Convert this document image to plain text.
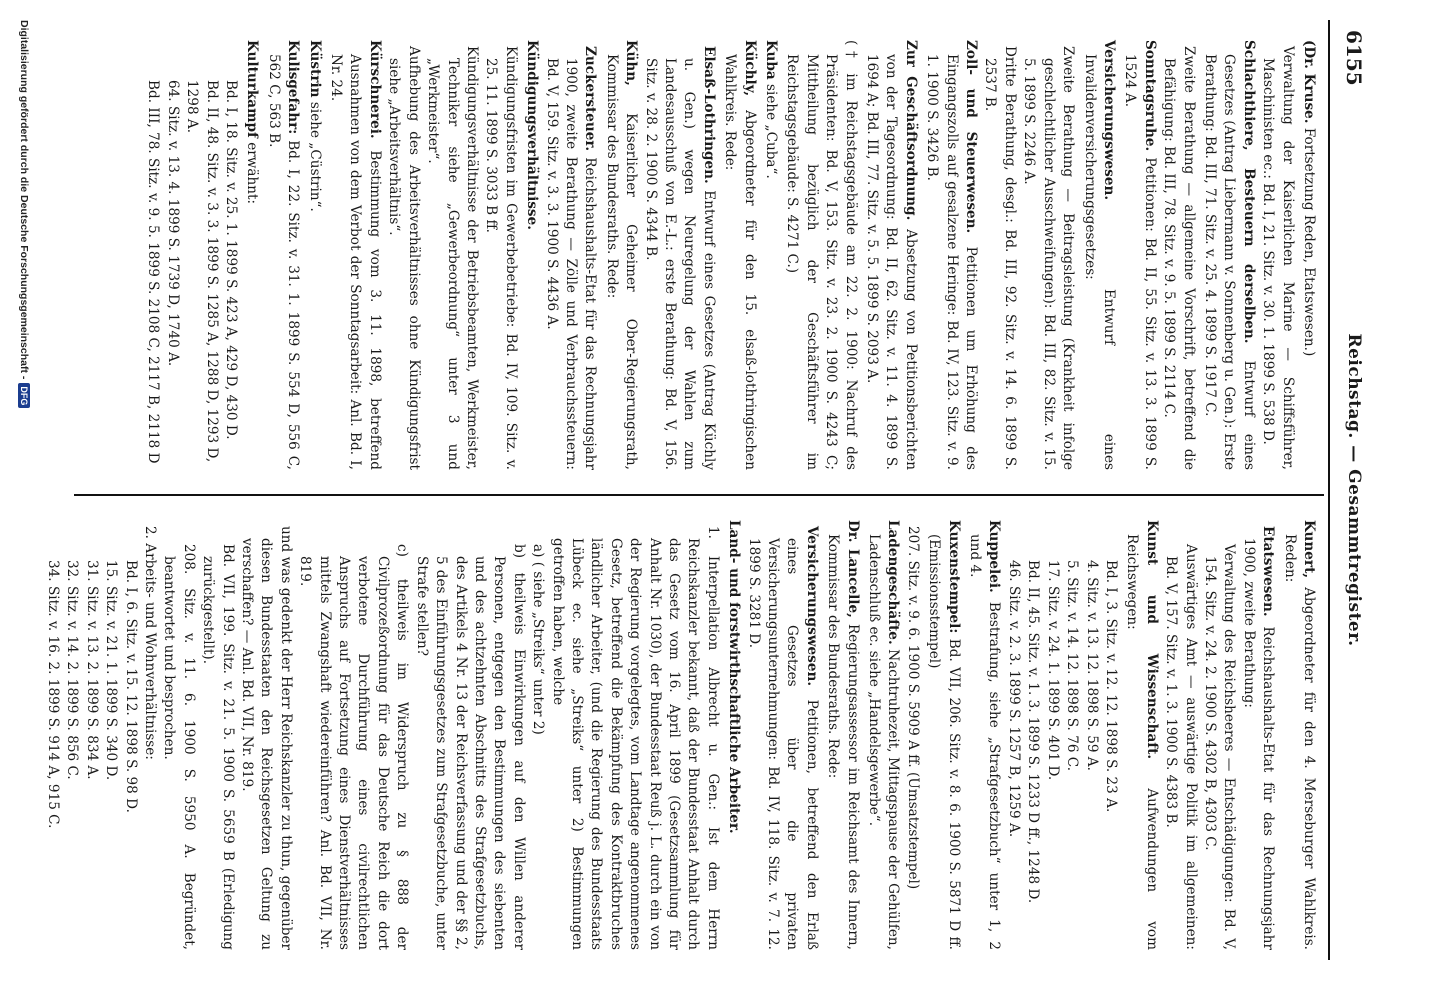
6155
Reichstag. — Gesammtregister.

(Dr. Kruse. Fortsetzung Reden, Etatswesen.)

Verwaltung der Kaiserlichen Marine — Schiffsführer, Maschinisten ec.: Bd. I, 21. Sitz. v. 30. 1. 1899 S. 538 D.

Schlachthiere, Besteuern derselben. Entwurf eines Gesetzes (Antrag Liebermann v. Sonnenberg u. Gen.): Erste Berathung: Bd. III, 71. Sitz. v. 25. 4. 1899 S. 1917 C.

Zweite Berathung — allgemeine Vorschrift, betreffend die Befähigung: Bd. III, 78. Sitz. v. 9. 5. 1899 S. 2114 C.

Sonntagsruhe. Petitionen: Bd. II, 55. Sitz. v. 13. 3. 1899 S. 1524 A.

Versicherungswesen. Entwurf eines Invalidenversicherungsgesetzes:

Zweite Berathung — Beitragsleistung (Krankheit infolge geschlechtlicher Ausschweifungen): Bd. III, 82. Sitz. v. 15. 5. 1899 S. 2246 A.

Dritte Berathung, desgl.: Bd. III, 92. Sitz. v. 14. 6. 1899 S. 2537 B.

Zoll- und Steuerwesen. Petitionen um Erhöhung des Eingangszolls auf gesalzene Heringe: Bd. IV, 123. Sitz. v. 9. 1. 1900 S. 3426 B.

Zur Geschäftsordnung. Absetzung von Petitionsberichten von der Tagesordnung: Bd. II, 62. Sitz. v. 11. 4. 1899 S. 1694 A; Bd. III, 77. Sitz. v. 5. 5. 1899 S. 2093 A.

(† im Reichstagsgebäude am 22. 2. 1900: Nachruf des Präsidenten: Bd. V, 153. Sitz. v. 23. 2. 1900 S. 4243 C; Mittheilung bezüglich der Geschäftsführer im Reichstagsgebäude: S. 4271 C.)

Kuba siehe „Cuba“.

Küchly, Abgeordneter für den 15. elsaß-lothringischen Wahlkreis. Rede:

Elsaß-Lothringen. Entwurf eines Gesetzes (Antrag Küchly u. Gen.) wegen Neuregelung der Wahlen zum Landesausschuß von E.-L.: erste Berathung: Bd. V, 156. Sitz. v. 28. 2. 1900 S. 4344 B.

Kühn, Kaiserlicher Geheimer Ober-Regierungsrath, Kommissar des Bundesraths. Rede:

Zuckersteuer. Reichshaushalts-Etat für das Rechnungsjahr 1900, zweite Berathung — Zölle und Verbrauchssteuern: Bd. V, 159. Sitz. v. 3. 3. 1900 S. 4436 A.

Kündigungsverhältnisse.

Kündigungsfristen im Gewerbebetriebe: Bd. IV, 109. Sitz. v. 25. 11. 1899 S. 3033 B ff.

Kündigungsverhältnisse der Betriebsbeamten, Werkmeister, Techniker siehe „Gewerbeordnung“ unter 3 und „Werkmeister“.

Aufhebung des Arbeitsverhältnisses ohne Kündigungsfrist siehe „Arbeitsverhältnis“.

Kürschnerei. Bestimmung vom 3. 11. 1898, betreffend Ausnahmen von dem Verbot der Sonntagsarbeit: Anl. Bd. I, Nr. 24.

Küstrin siehe „Cüstrin“.

Kulisgefahr: Bd. I, 22. Sitz. v. 31. 1. 1899 S. 554 D, 556 C, 562 C, 563 B.

Kulturkampf erwähnt:

Bd. I, 18. Sitz. v. 25. 1. 1899 S. 423 A, 429 D, 430 D.
Bd. II, 48. Sitz. v. 3. 3. 1899 S. 1285 A, 1288 D, 1293 D, 1298 A.
64. Sitz. v. 13. 4. 1899 S. 1739 D, 1740 A.
Bd. III, 78. Sitz. v. 9. 5. 1899 S. 2108 C, 2117 B, 2118 D

Kunert, Abgeordneter für den 4. Merseburger Wahlkreis. Reden:

Etatswesen. Reichshaushalts-Etat für das Rechnungsjahr 1900, zweite Berathung:

Verwaltung des Reichsheeres — Entschädigungen: Bd. V, 154. Sitz. v. 24. 2. 1900 S. 4302 B, 4303 C.

Auswärtiges Amt — auswärtige Politik im allgemeinen: Bd. V, 157. Sitz. v. 1. 3. 1900 S. 4383 B.

Kunst und Wissenschaft. Aufwendungen vom Reichswegen:

Bd. I, 3. Sitz. v. 12. 12. 1898 S. 23 A.
4. Sitz. v. 13. 12. 1898 S. 59 A.
5. Sitz. v. 14. 12. 1898 S. 76 C.
17. Sitz. v. 24. 1. 1899 S. 401 D.
Bd. II, 45. Sitz. v. 1. 3. 1899 S. 1233 D ff., 1248 D.
46. Sitz. v. 2. 3. 1899 S. 1257 B, 1259 A.

Kuppelei. Bestrafung, siehe „Strafgesetzbuch“ unter 1, 2 und 4.

Kuxenstempel: Bd. VII, 206. Sitz. v. 8. 6. 1900 S. 5871 D ff. (Emissionsstempel)

207. Sitz. v. 9. 6. 1900 S. 5909 A ff. (Umsatzstempel)

Ladengeschäfte. Nachtruhezeit, Mittagspause der Gehülfen, Ladenschluß ec. siehe „Handelsgewerbe“.

Dr. Lancelle, Regierungsassessor im Reichsamt des Innern, Kommissar des Bundesraths. Rede:

Versicherungswesen. Petitionen, betreffend den Erlaß eines Gesetzes über die privaten Versicherungsunternehmungen: Bd. IV, 118. Sitz. v. 7. 12. 1899 S. 3281 D.

Land- und forstwirthschaftliche Arbeiter.

1. Interpellation Albrecht u. Gen.: Ist dem Herrn Reichskanzler bekannt, daß der Bundesstaat Anhalt durch das Gesetz vom 16. April 1899 (Gesetzsammlung für Anhalt Nr. 1030), der Bundesstaat Reuß j. L. durch ein von der Regierung vorgelegtes, vom Landtage angenommenes Gesetz, betreffend die Bekämpfung des Kontraktbruches ländlicher Arbeiter, (und die Regierung des Bundesstaats Lübeck ec. siehe „Streiks“ unter 2) Bestimmungen getroffen haben, welche

a) ( siehe „Streiks“ unter 2)

b) theilweis Einwirkungen auf den Willen anderer Personen, entgegen den Bestimmungen des siebenten und des achtzehnten Abschnitts des Strafgesetzbuchs, des Artikels 4 Nr. 13 der Reichsverfassung und der §§ 2, 5 des Einführungsgesetzes zum Strafgesetzbuche, unter Strafe stellen?

c) theilweis im Widerspruch zu § 888 der Civilprozeßordnung für das Deutsche Reich die dort verbotene Durchführung eines civilrechtlichen Anspruchs auf Fortsetzung eines Dienstverhältnisses mittels Zwangshaft wiedereinführen? Anl. Bd. VII, Nr. 819.

und was gedenkt der Herr Reichskanzler zu thun, gegenüber diesen Bundesstaaten den Reichsgesetzen Geltung zu verschaffen? — Anl. Bd. VII, Nr. 819.

Bd. VII, 199. Sitz. v. 21. 5. 1900 S. 5659 B (Erledigung zurückgestellt).

208. Sitz. v. 11. 6. 1900 S. 5950 A. Begründet, beantwortet und besprochen.

2. Arbeits- und Wohnverhältnisse:

Bd. I, 6. Sitz. v. 15. 12. 1898 S. 98 D.
15. Sitz. v. 21. 1. 1899 S. 340 D.
31. Sitz. v. 13. 2. 1899 S. 834 A.
32. Sitz. v. 14. 2. 1899 S. 856 C.
34. Sitz. v. 16. 2. 1899 S. 914 A, 915 C.
Digitalisierung gefördert durch die Deutsche Forschungsgemeinschaft -
DFG
